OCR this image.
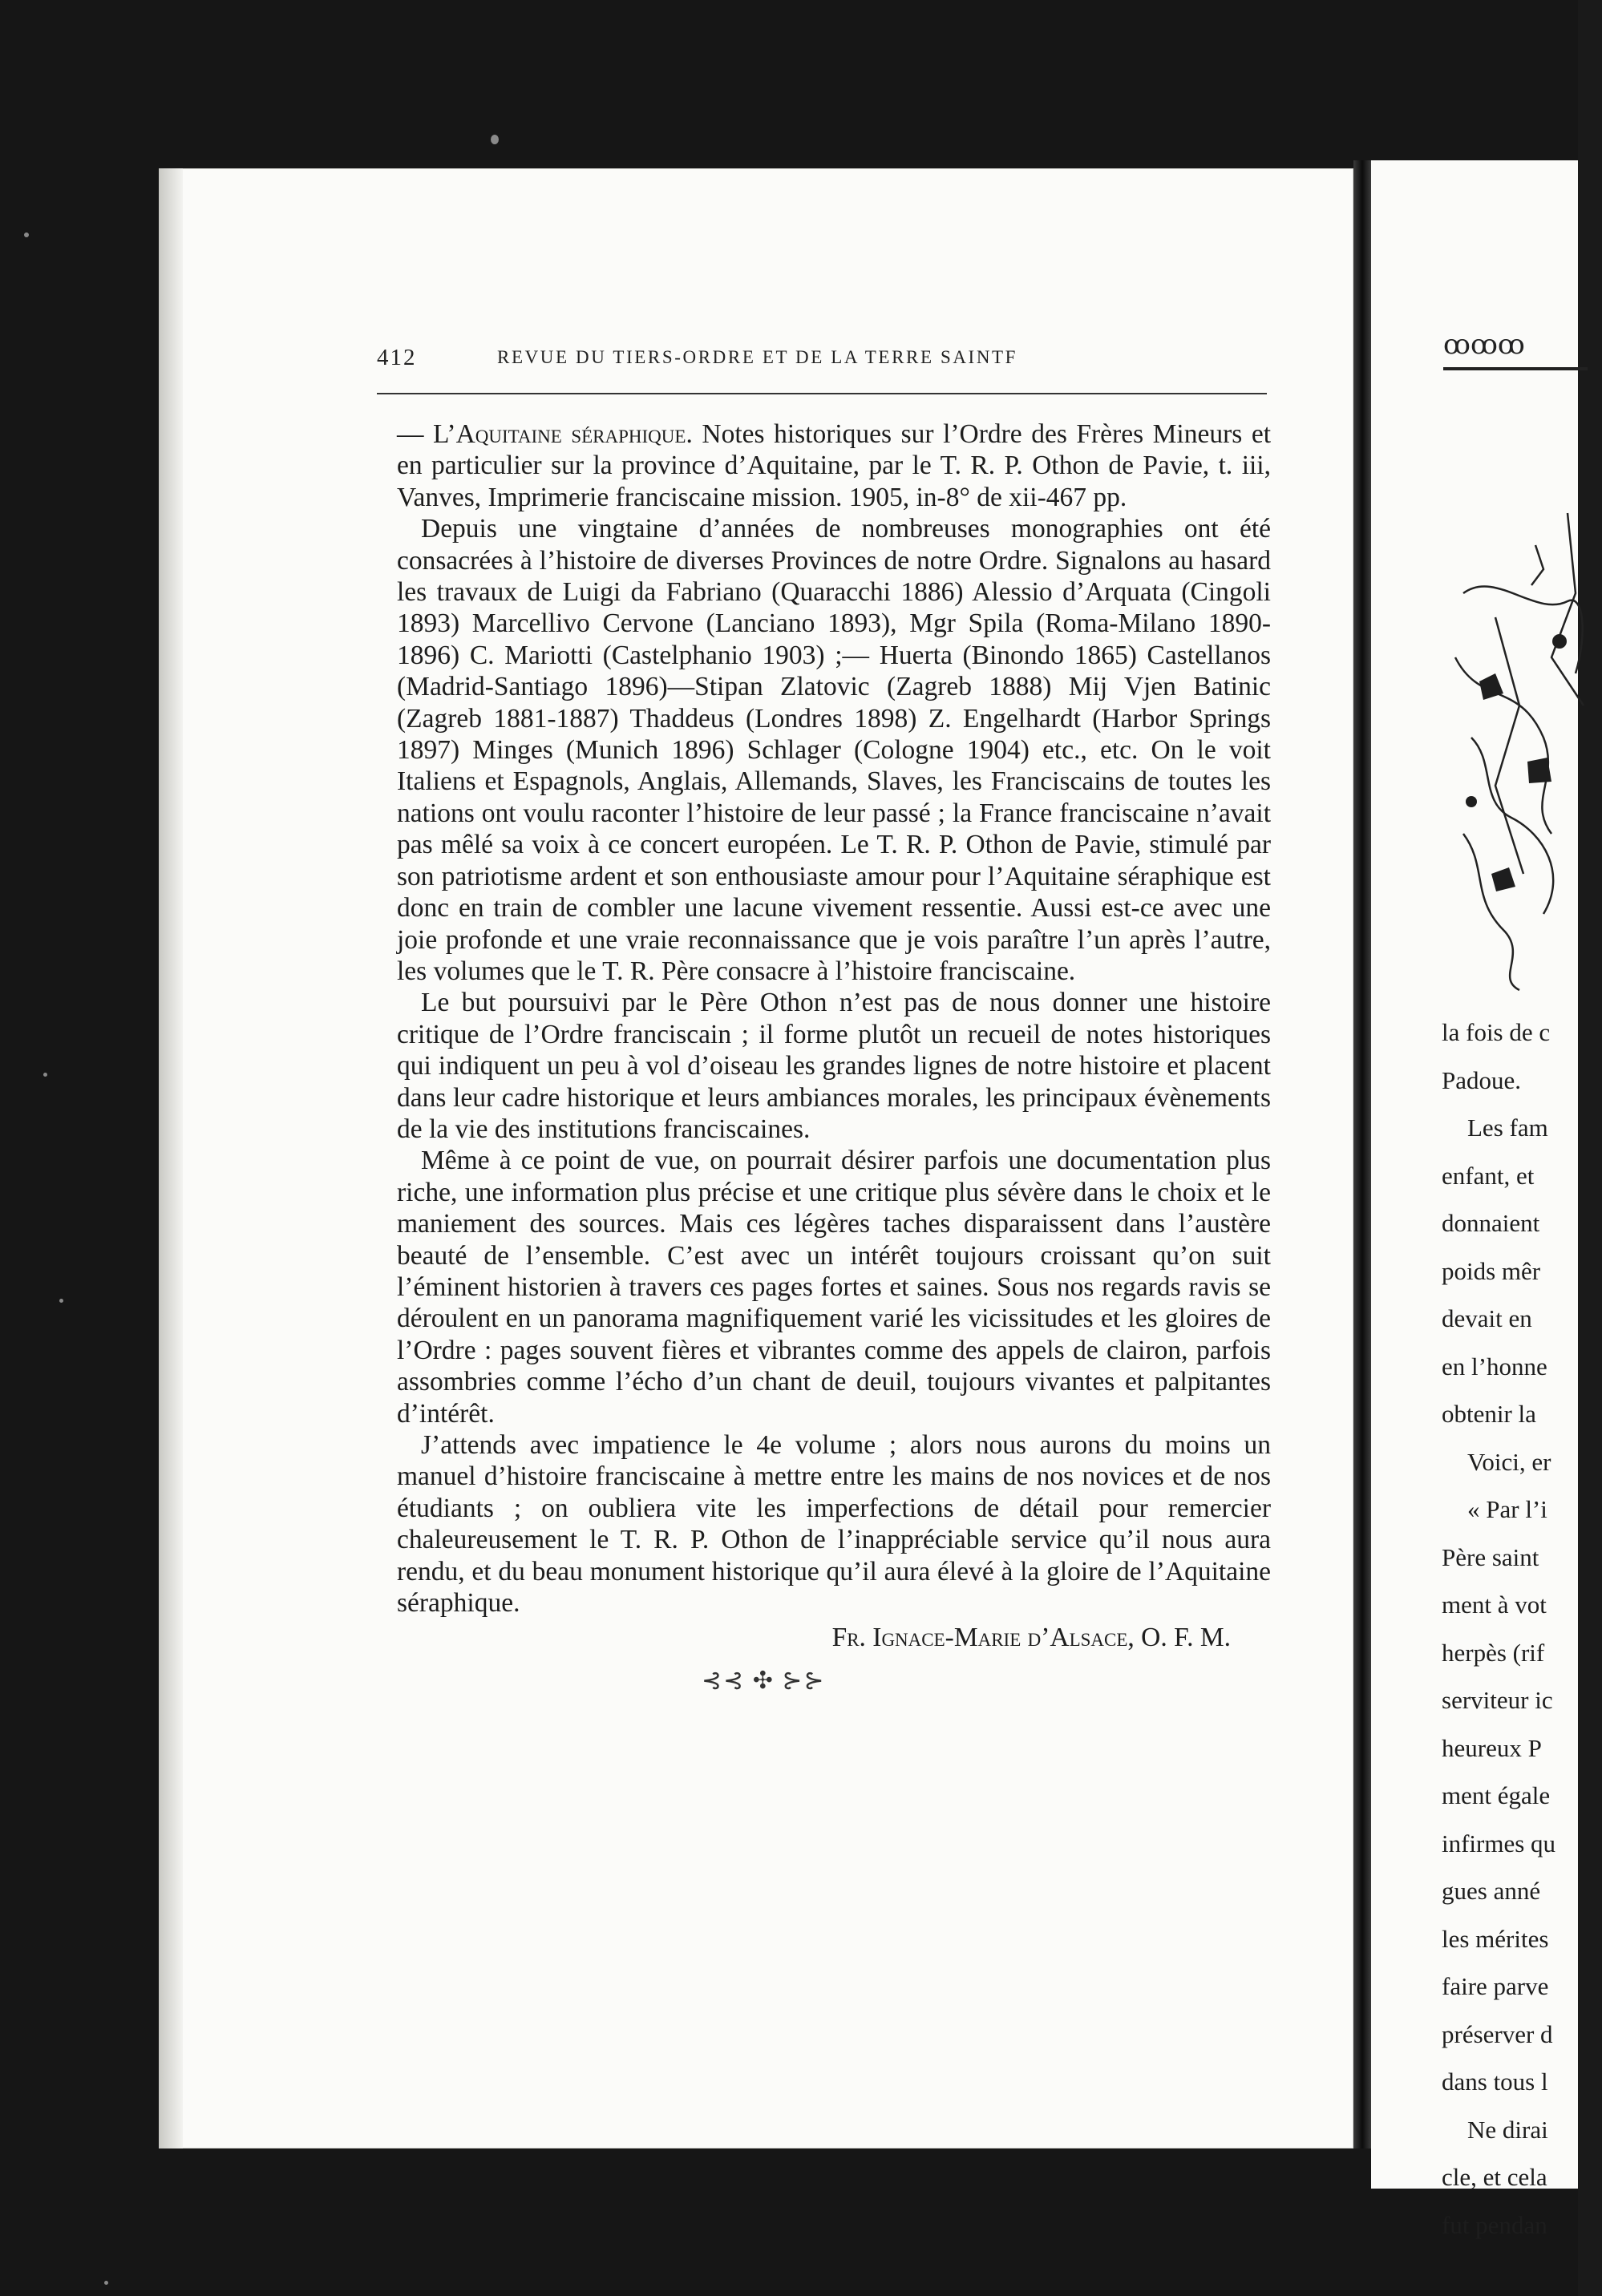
412	REVUE DU TIERS-ORDRE ET DE LA TERRE SAINTF

— L’Aquitaine séraphique. Notes historiques sur l’Ordre des Frères Mineurs et en particulier sur la province d’Aquitaine, par le T. R. P. Othon de Pavie, t. iii, Vanves, Imprimerie franciscaine mission. 1905, in-8° de xii-467 pp.

Depuis une vingtaine d’années de nombreuses monographies ont été consacrées à l’histoire de diverses Provinces de notre Ordre. Signalons au hasard les travaux de Luigi da Fabriano (Quaracchi 1886) Alessio d’Arquata (Cingoli 1893) Marcellivo Cervone (Lanciano 1893), Mgr Spila (Roma-Milano 1890-1896) C. Mariotti (Castelphanio 1903) ;— Huerta (Binondo 1865) Castellanos (Madrid-Santiago 1896)—Stipan Zlatovic (Zagreb 1888) Mij Vjen Batinic (Zagreb 1881-1887) Thaddeus (Londres 1898) Z. Engelhardt (Harbor Springs 1897) Minges (Munich 1896) Schlager (Cologne 1904) etc., etc. On le voit Italiens et Espagnols, Anglais, Allemands, Slaves, les Franciscains de toutes les nations ont voulu raconter l’histoire de leur passé ; la France franciscaine n’avait pas mêlé sa voix à ce concert européen. Le T. R. P. Othon de Pavie, stimulé par son patriotisme ardent et son enthousiaste amour pour l’Aquitaine séraphique est donc en train de combler une lacune vivement ressentie. Aussi est-ce avec une joie profonde et une vraie reconnaissance que je vois paraître l’un après l’autre, les volumes que le T. R. Père consacre à l’histoire franciscaine.

Le but poursuivi par le Père Othon n’est pas de nous donner une histoire critique de l’Ordre franciscain ; il forme plutôt un recueil de notes historiques qui indiquent un peu à vol d’oiseau les grandes lignes de notre histoire et placent dans leur cadre historique et leurs ambiances morales, les principaux évènements de la vie des institutions franciscaines.

Même à ce point de vue, on pourrait désirer parfois une documentation plus riche, une information plus précise et une critique plus sévère dans le choix et le maniement des sources. Mais ces légères taches disparaissent dans l’austère beauté de l’ensemble. C’est avec un intérêt toujours croissant qu’on suit l’éminent historien à travers ces pages fortes et saines. Sous nos regards ravis se déroulent en un panorama magnifiquement varié les vicissitudes et les gloires de l’Ordre : pages souvent fières et vibrantes comme des appels de clairon, parfois assombries comme l’écho d’un chant de deuil, toujours vivantes et palpitantes d’intérêt.

J’attends avec impatience le 4e volume ; alors nous aurons du moins un manuel d’histoire franciscaine à mettre entre les mains de nos novices et de nos étudiants ; on oubliera vite les imperfections de détail pour remercier chaleureusement le T. R. P. Othon de l’inappréciable service qu’il nous aura rendu, et du beau monument historique qu’il aura élevé à la gloire de l’Aquitaine séraphique.

Fr. Ignace-Marie d’Alsace, O. F. M.
⊰⊰ ✣ ⊱⊱
ꝏꝏꝏ
la fois de c
Padoue.
Les fam
enfant, et
donnaient
poids mêr
devait en
en l’honne
obtenir la
Voici, er
« Par l’i
Père saint
ment à vot
herpès (rif
serviteur ic
heureux P
ment égale
infirmes qu
gues anné
les mérites
faire parve
préserver d
dans tous l
Ne dirai
cle, et cela
fut pendan
